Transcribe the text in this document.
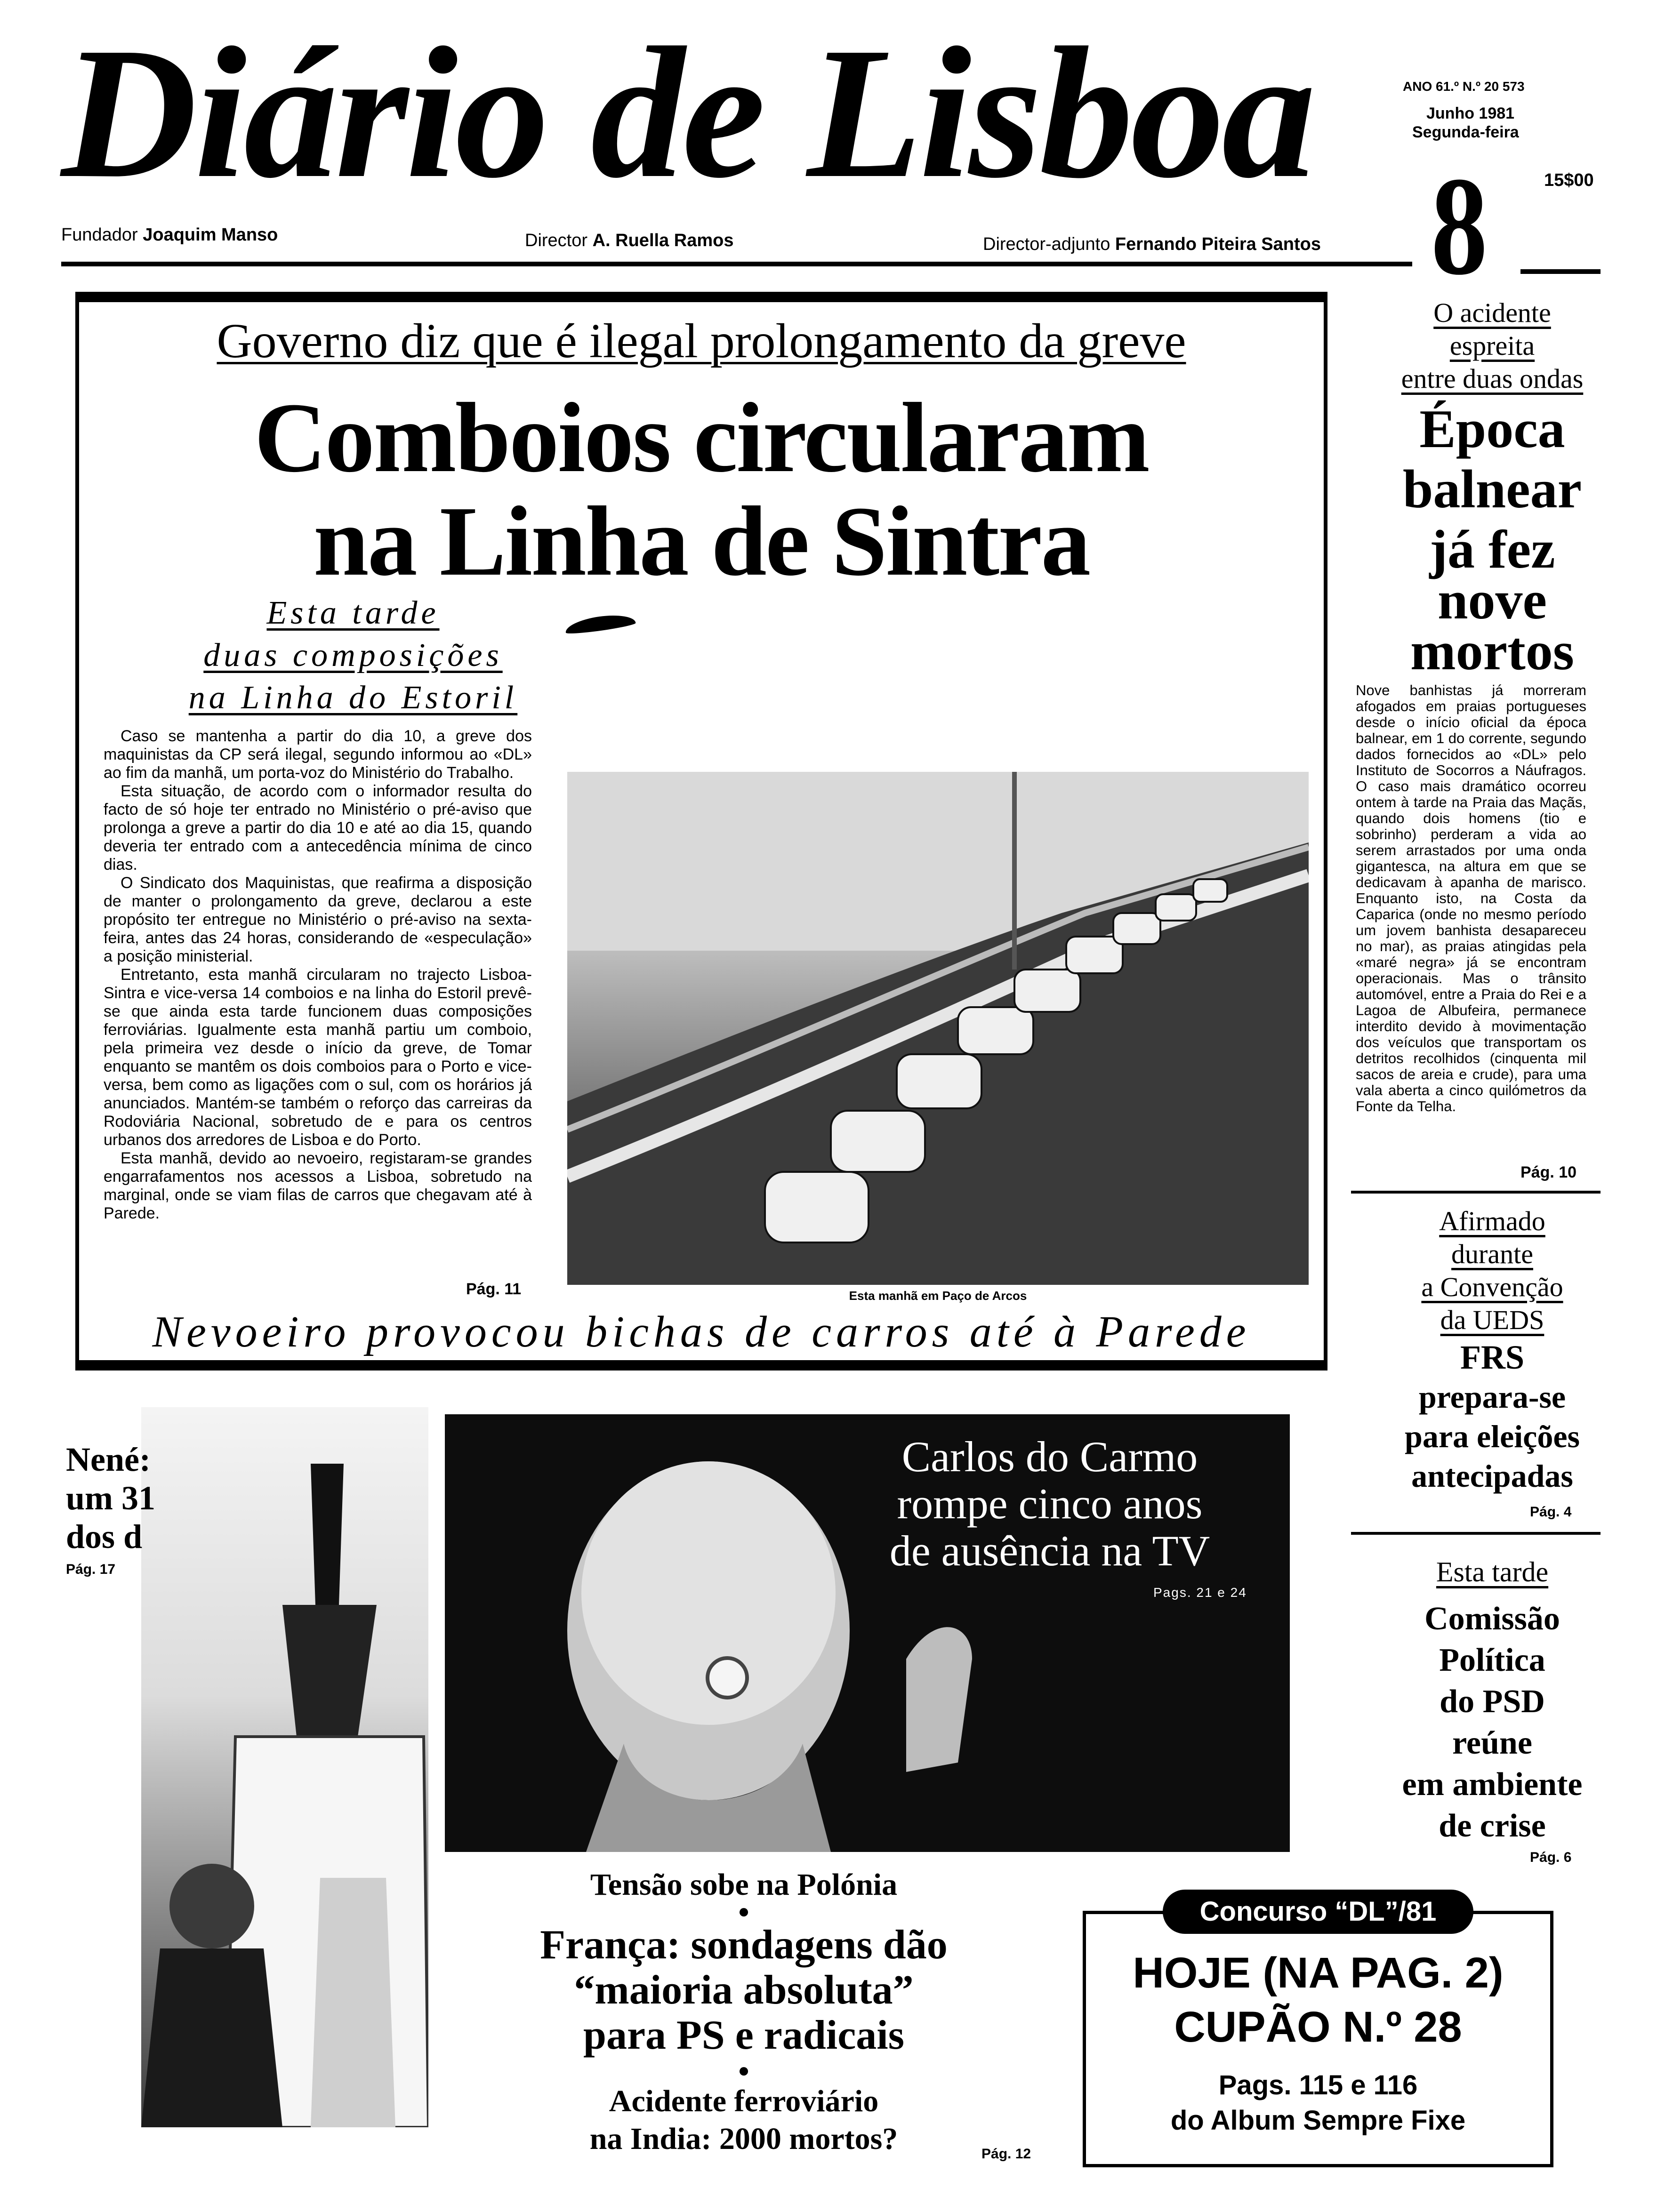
Diário de Lisboa	ANO 61.º N.º 20 573
Junho 1981
Segunda-feira
8	15$00
Fundador Joaquim Manso	Director A. Ruella Ramos	Director-adjunto Fernando Piteira Santos
Governo diz que é ilegal prolongamento da greve
Comboios circularam
na Linha de Sintra
Esta tarde
duas composições
na Linha do Estoril

Caso se mantenha a partir do dia 10, a greve dos maquinistas da CP será ilegal, segundo informou ao «DL» ao fim da manhã, um porta-voz do Ministério do Trabalho.

Esta situação, de acordo com o informador resulta do facto de só hoje ter entrado no Ministério o pré-aviso que prolonga a greve a partir do dia 10 e até ao dia 15, quando deveria ter entrado com a antecedência mínima de cinco dias.

O Sindicato dos Maquinistas, que reafirma a disposição de manter o prolongamento da greve, declarou a este propósito ter entregue no Ministério o pré-aviso na sexta-feira, antes das 24 horas, considerando de «especulação» a posição ministerial.

Entretanto, esta manhã circularam no trajecto Lisboa-Sintra e vice-versa 14 comboios e na linha do Estoril prevê-se que ainda esta tarde funcionem duas composições ferroviárias. Igualmente esta manhã partiu um comboio, pela primeira vez desde o início da greve, de Tomar enquanto se mantêm os dois comboios para o Porto e vice-versa, bem como as ligações com o sul, com os horários já anunciados. Mantém-se também o reforço das carreiras da Rodoviária Nacional, sobretudo de e para os centros urbanos dos arredores de Lisboa e do Porto.

Esta manhã, devido ao nevoeiro, registaram-se grandes engarrafamentos nos acessos a Lisboa, sobretudo na marginal, onde se viam filas de carros que chegavam até à Parede.

Pág. 11	Esta manhã em Paço de Arcos
Nevoeiro provocou bichas de carros até à Parede
O acidente
espreita
entre duas ondas
Época
balnear
já fez
nove
mortos
Nove banhistas já morreram afogados em praias portugueses desde o início oficial da época balnear, em 1 do corrente, segundo dados fornecidos ao «DL» pelo Instituto de Socorros a Náufragos. O caso mais dramático ocorreu ontem à tarde na Praia das Maçãs, quando dois homens (tio e sobrinho) perderam a vida ao serem arrastados por uma onda gigantesca, na altura em que se dedicavam à apanha de marisco. Enquanto isto, na Costa da Caparica (onde no mesmo período um jovem banhista desapareceu no mar), as praias atingidas pela «maré negra» já se encontram operacionais. Mas o trânsito automóvel, entre a Praia do Rei e a Lagoa de Albufeira, permanece interdito devido à movimentação dos veículos que transportam os detritos recolhidos (cinquenta mil sacos de areia e crude), para uma vala aberta a cinco quilómetros da Fonte da Telha.
Pág. 10
Afirmado
durante
a Convenção
da UEDS
FRS
prepara-se
para eleições
antecipadas
Pág. 4
Esta tarde
Comissão
Política
do PSD
reúne
em ambiente
de crise
Pág. 6
Nené:
um 31
dos d
Pág. 17
Carlos do Carmo
rompe cinco anos
de ausência na TV
Pags. 21 e 24
Tensão sobe na Polónia
●
França: sondagens dão
“maioria absoluta”
para PS e radicais
●
Acidente ferroviário
na India: 2000 mortos?	Pág. 12
Concurso “DL”/81
HOJE (NA PAG. 2)
CUPÃO N.º 28
Pags. 115 e 116
do Album Sempre Fixe
